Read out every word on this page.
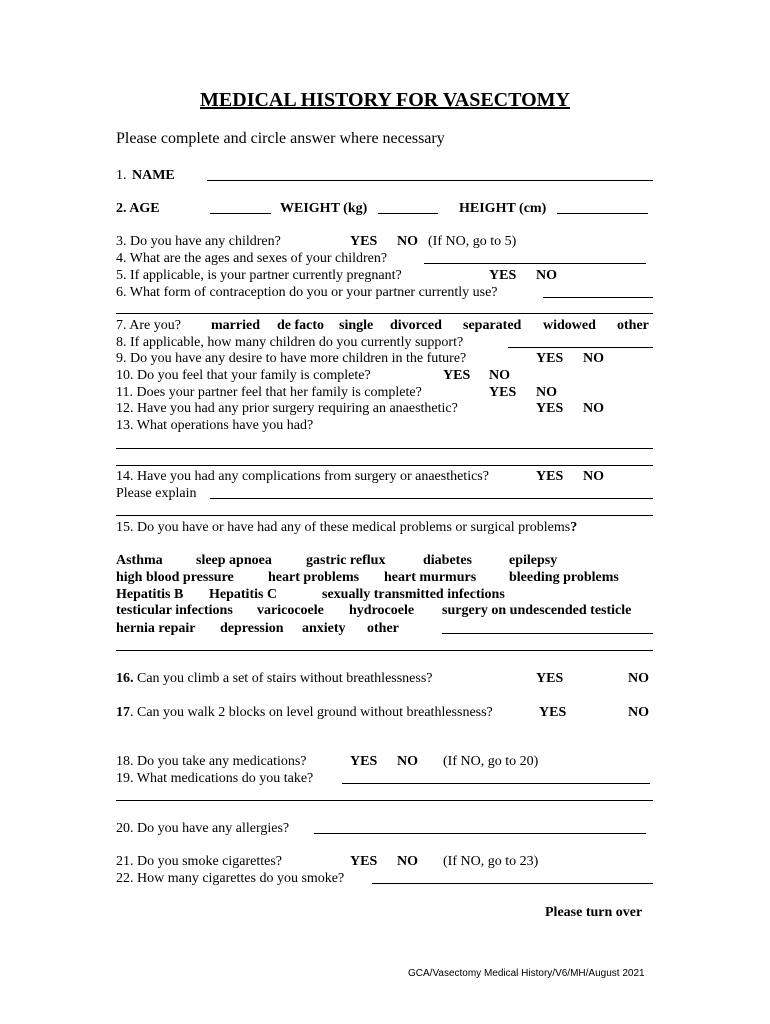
MEDICAL HISTORY FOR VASECTOMY
Please complete and circle answer where necessary
1. NAME
2. AGE	WEIGHT (kg)	HEIGHT (cm)
3. Do you have any children?	YES NO (If NO, go to 5)
4. What are the ages and sexes of your children?
5. If applicable, is your partner currently pregnant?	YES NO
6. What form of contraception do you or your partner currently use?
7. Are you? married de facto single divorced separated widowed other
8. If applicable, how many children do you currently support?
9. Do you have any desire to have more children in the future?	YES NO
10. Do you feel that your family is complete?	YES NO
11. Does your partner feel that her family is complete?	YES NO
12. Have you had any prior surgery requiring an anaesthetic?	YES NO
13. What operations have you had?
14. Have you had any complications from surgery or anaesthetics?	YES NO
Please explain
15. Do you have or have had any of these medical problems or surgical problems?
Asthma sleep apnoea gastric reflux	diabetes	epilepsy
high blood pressure heart problems heart murmurs bleeding problems
Hepatitis B Hepatitis C	sexually transmitted infections
testicular infections varicocoele hydrocoele surgery on undescended testicle
hernia repair depression anxiety other
16. Can you climb a set of stairs without breathlessness?	YES	NO
17. Can you walk 2 blocks on level ground without breathlessness?	YES	NO
18. Do you take any medications?	YES NO (If NO, go to 20)
19. What medications do you take?
20. Do you have any allergies?
21. Do you smoke cigarettes?	YES NO (If NO, go to 23)
22. How many cigarettes do you smoke?
Please turn over
GCA/Vasectomy Medical History/V6/MH/August 2021
